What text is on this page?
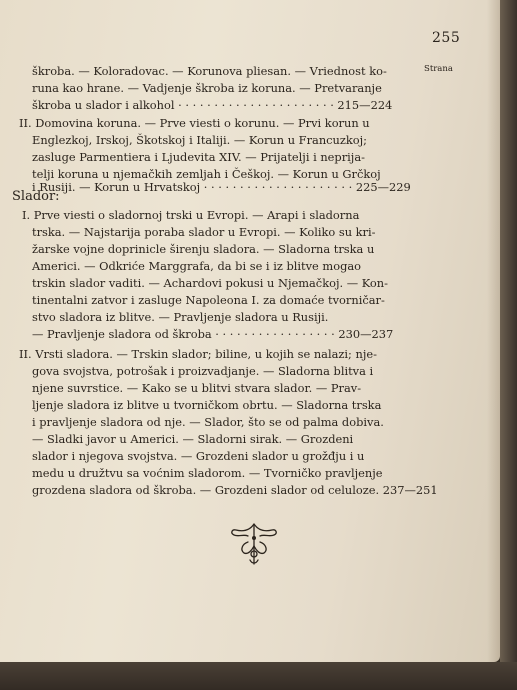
255
Strana
škroba. — Koloradovac. — Korunova pliesan. — Vriednost ko-
runa kao hrane. — Vadjenje škroba iz koruna. — Pretvaranje
škroba u slador i alkohol · · · · · · · · · · · · · · · · · · · · · · 215—224
II. Domovina koruna. — Prve viesti o korunu. — Prvi korun u
Englezkoj, Irskoj, Škotskoj i Italiji. — Korun u Francuzkoj;
zasluge Parmentiera i Ljudevita XIV. — Prijatelji i neprija-
telji koruna u njemačkih zemljah i Češkoj. — Korun u Grčkoj
i Rusiji. — Korun u Hrvatskoj · · · · · · · · · · · · · · · · · · · · · 225—229
Slador:
I. Prve viesti o sladornoj trski u Evropi. — Arapi i sladorna
trska. — Najstarija poraba slador u Evropi. — Koliko su kri-
žarske vojne doprinicle širenju sladora. — Sladorna trska u
Americi. — Odkriće Marggrafa, da bi se i iz blitve mogao
trskin slador vaditi. — Achardovi pokusi u Njemačkoj. — Kon-
tinentalni zatvor i zasluge Napoleona I. za domaće tvorničar-
stvo sladora iz blitve. — Pravljenje sladora u Rusiji.
— Pravljenje sladora od škroba · · · · · · · · · · · · · · · · · 230—237
II. Vrsti sladora. — Trskin slador; biline, u kojih se nalazi; nje-
gova svojstva, potrošak i proizvadjanje. — Sladorna blitva i
njene suvrstice. — Kako se u blitvi stvara slador. — Prav-
ljenje sladora iz blitve u tvorničkom obrtu. — Sladorna trska
i pravljenje sladora od nje. — Slador, što se od palma dobiva.
— Sladki javor u Americi. — Sladorni sirak. — Grozdeni
slador i njegova svojstva. — Grozdeni slador u grožđju i u
medu u družtvu sa voćnim sladorom. — Tvorničko pravljenje
grozdena sladora od škroba. — Grozdeni slador od celuloze. 237—251
